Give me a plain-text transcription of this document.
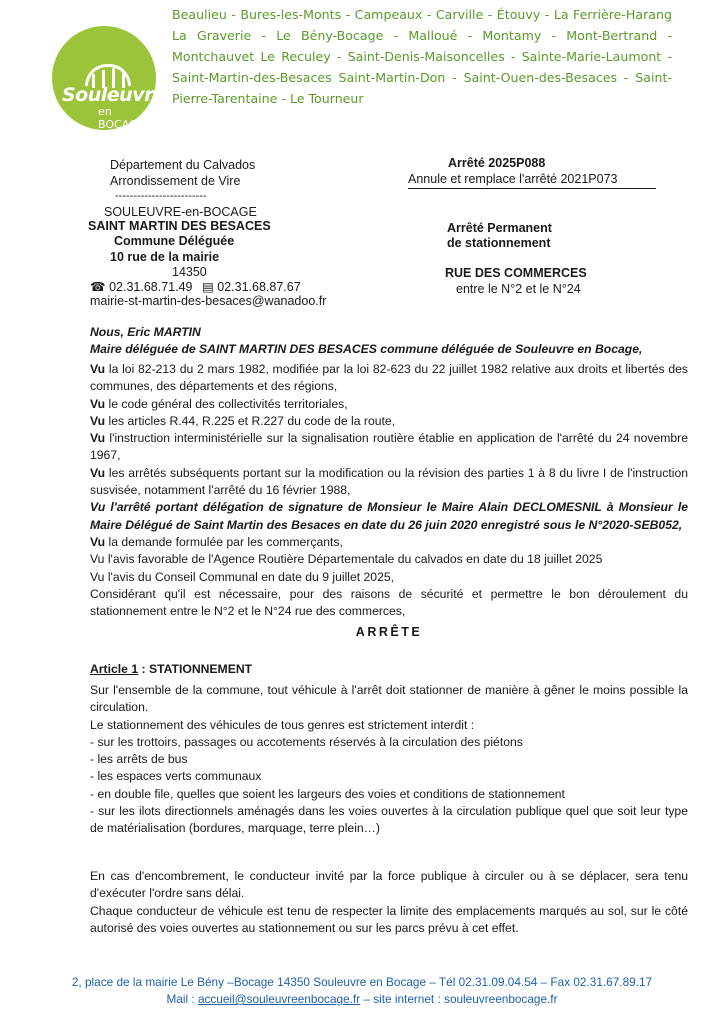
Souleuvre
en BOCAGE
Beaulieu - Bures-les-Monts - Campeaux - Carville - Étouvy - La Ferrière-Harang La Graverie - Le Bény-Bocage - Malloué - Montamy - Mont-Bertrand - Montchauvet Le Reculey - Saint-Denis-Maisoncelles - Sainte-Marie-Laumont - Saint-Martin-des-Besaces Saint-Martin-Don - Saint-Ouen-des-Besaces - Saint-Pierre-Tarentaine - Le Tourneur
Département du Calvados
Arrondissement de Vire
-------------------------
SOULEUVRE-en-BOCAGE
SAINT MARTIN DES BESACES
Commune Déléguée
10 rue de la mairie
14350
☎ 02.31.68.71.49 ▤ 02.31.68.87.67
mairie-st-martin-des-besaces@wanadoo.fr
Arrêté 2025P088
Annule et remplace l'arrêté 2021P073
Arrêté Permanent
de stationnement
RUE DES COMMERCES
entre le N°2 et le N°24
Nous, Eric MARTIN
Maire déléguée de SAINT MARTIN DES BESACES commune déléguée de Souleuvre en Bocage,
Vu la loi 82-213 du 2 mars 1982, modifiée par la loi 82-623 du 22 juillet 1982 relative aux droits et libertés des communes, des départements et des régions,
Vu le code général des collectivités territoriales,
Vu les articles R.44, R.225 et R.227 du code de la route,
Vu l'instruction interministérielle sur la signalisation routière établie en application de l'arrêté du 24 novembre 1967,
Vu les arrêtés subséquents portant sur la modification ou la révision des parties 1 à 8 du livre I de l'instruction susvisée, notamment l'arrêté du 16 février 1988,
Vu l'arrêté portant délégation de signature de Monsieur le Maire Alain DECLOMESNIL à Monsieur le Maire Délégué de Saint Martin des Besaces en date du 26 juin 2020 enregistré sous le N°2020-SEB052,
Vu la demande formulée par les commerçants,
Vu l'avis favorable de l'Agence Routière Départementale du calvados en date du 18 juillet 2025
Vu l'avis du Conseil Communal en date du 9 juillet 2025,
Considérant qu'il est nécessaire, pour des raisons de sécurité et permettre le bon déroulement du stationnement entre le N°2 et le N°24 rue des commerces,
ARRÊTE
Article 1 : STATIONNEMENT
Sur l'ensemble de la commune, tout véhicule à l'arrêt doit stationner de manière à gêner le moins possible la circulation.
Le stationnement des véhicules de tous genres est strictement interdit :
- sur les trottoirs, passages ou accotements réservés à la circulation des piétons
- les arrêts de bus
- les espaces verts communaux
- en double file, quelles que soient les largeurs des voies et conditions de stationnement
- sur les ilots directionnels aménagés dans les voies ouvertes à la circulation publique quel que soit leur type de matérialisation (bordures, marquage, terre plein…)
En cas d'encombrement, le conducteur invité par la force publique à circuler ou à se déplacer, sera tenu d'exécuter l'ordre sans délai.
Chaque conducteur de véhicule est tenu de respecter la limite des emplacements marqués au sol, sur le côté autorisé des voies ouvertes au stationnement ou sur les parcs prévu à cet effet.
2, place de la mairie Le Bény –Bocage 14350 Souleuvre en Bocage – Tél 02.31.09.04.54 – Fax 02.31.67.89.17
Mail : accueil@souleuvreenbocage.fr – site internet : souleuvreenbocage.fr
